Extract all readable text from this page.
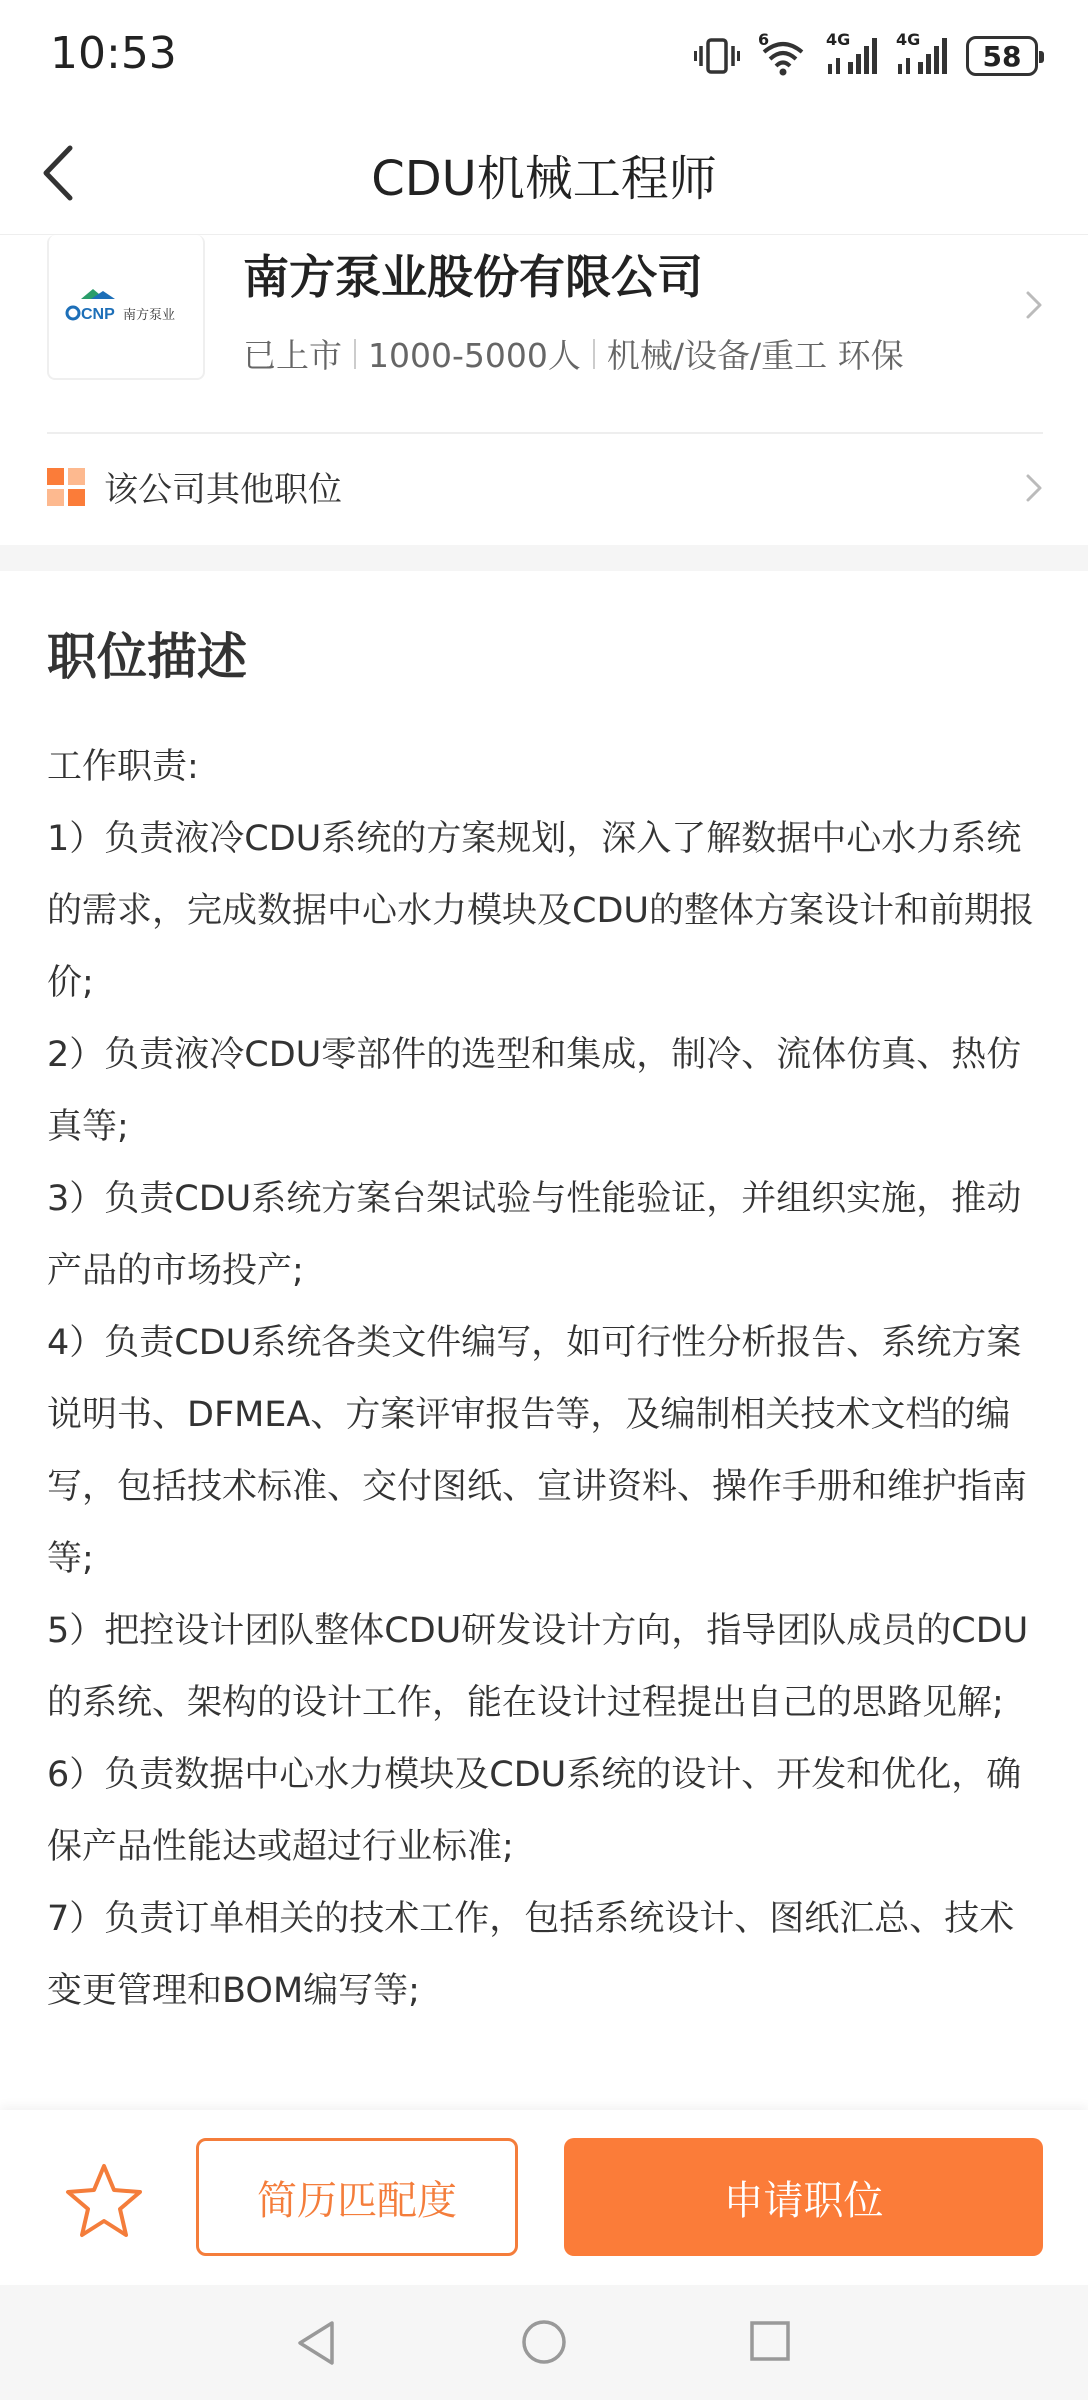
10:53	6	4G	4G 58
CDU机械工程师
CNP 南方泵业
南方泵业股份有限公司
已上市 1000-5000人 机械/设备/重工 环保
该公司其他职位
职位描述

工作职责:

1）负责液冷CDU系统的方案规划，深入了解数据中心水力系统的需求，完成数据中心水力模块及CDU的整体方案设计和前期报价;

2）负责液冷CDU零部件的选型和集成，制冷、流体仿真、热仿真等;

3）负责CDU系统方案台架试验与性能验证，并组织实施，推动产品的市场投产;

4）负责CDU系统各类文件编写，如可行性分析报告、系统方案说明书、DFMEA、方案评审报告等，及编制相关技术文档的编写，包括技术标准、交付图纸、宣讲资料、操作手册和维护指南等;

5）把控设计团队整体CDU研发设计方向，指导团队成员的CDU的系统、架构的设计工作，能在设计过程提出自己的思路见解;

6）负责数据中心水力模块及CDU系统的设计、开发和优化，确保产品性能达或超过行业标准;

7）负责订单相关的技术工作，包括系统设计、图纸汇总、技术变更管理和BOM编写等;

简历匹配度	申请职位
